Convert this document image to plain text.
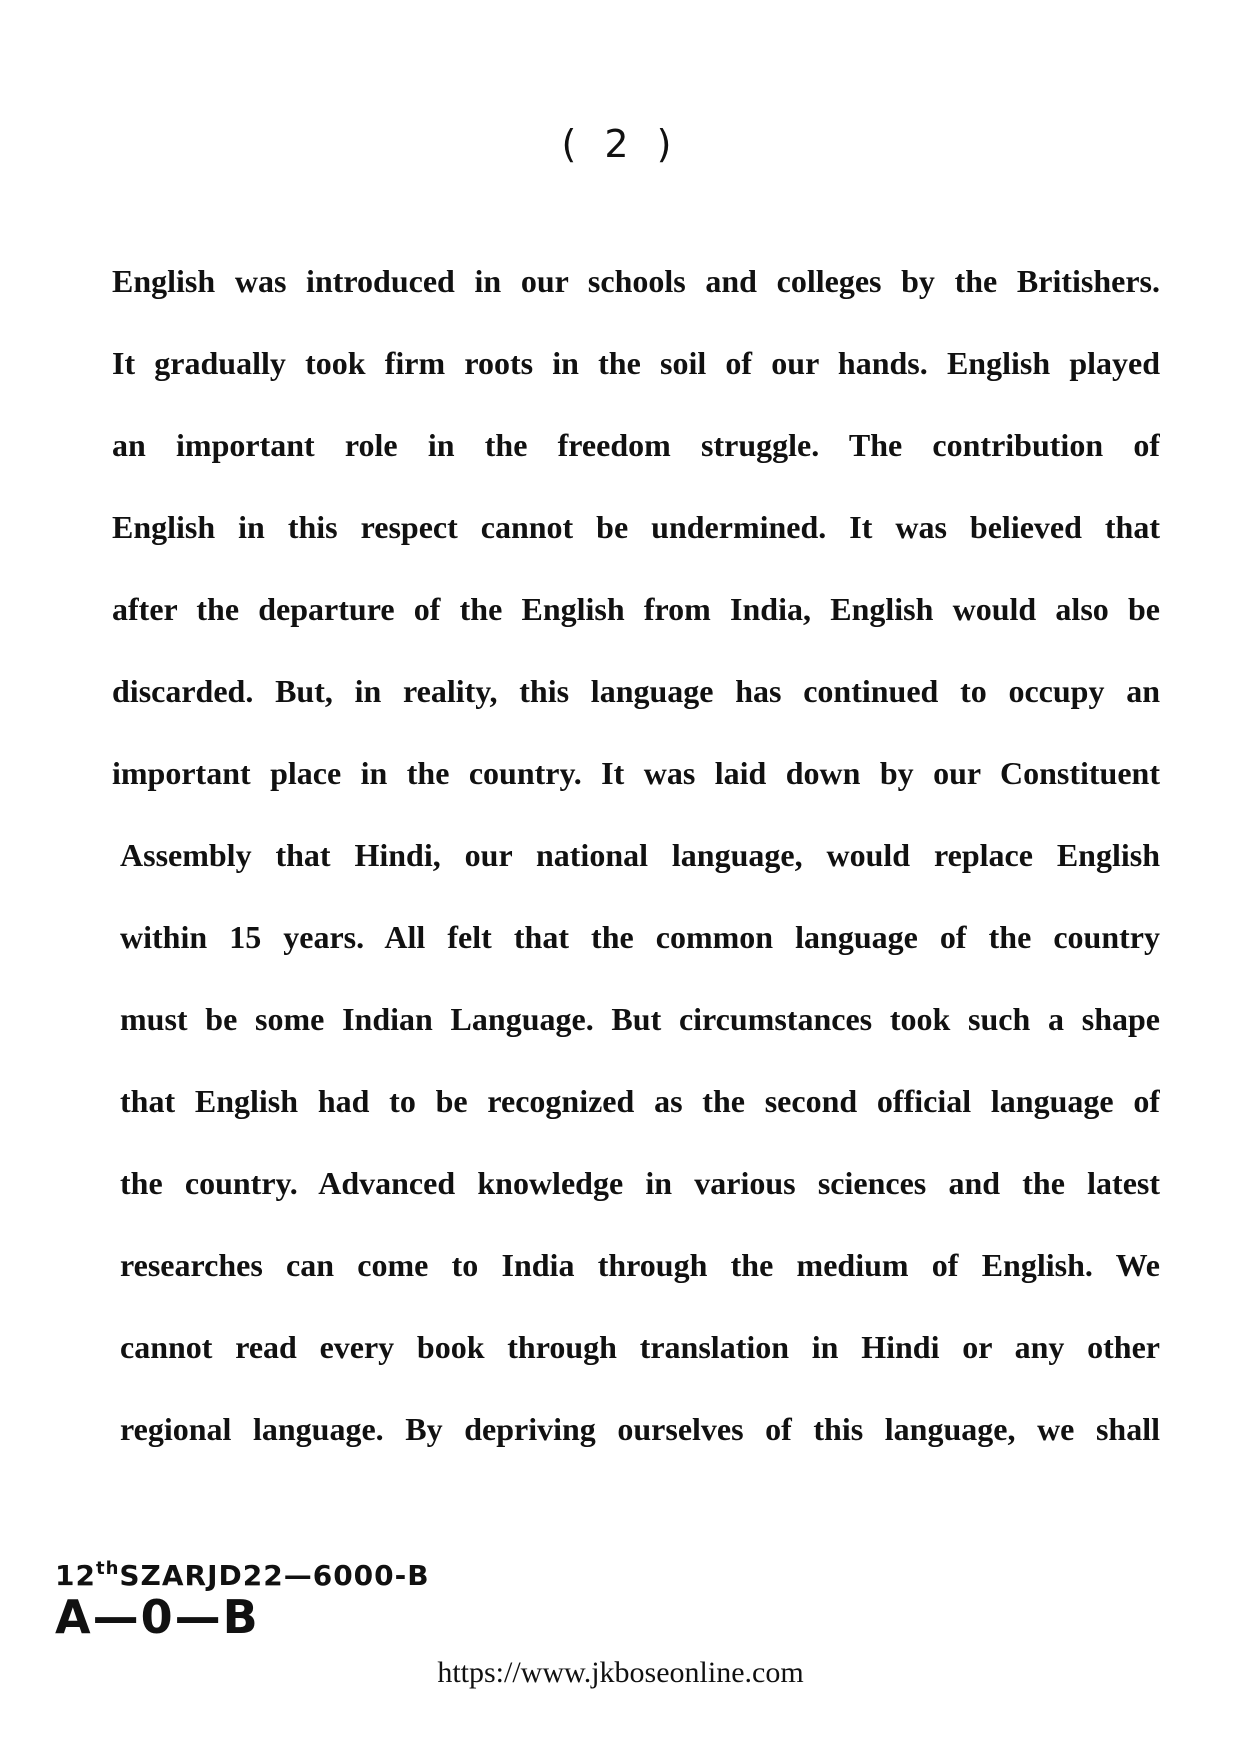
( 2 )
English was introduced in our schools and colleges by the Britishers.
It gradually took firm roots in the soil of our hands. English played
an important role in the freedom struggle. The contribution of
English in this respect cannot be undermined. It was believed that
after the departure of the English from India, English would also be
discarded. But, in reality, this language has continued to occupy an
important place in the country. It was laid down by our Constituent
Assembly that Hindi, our national language, would replace English
within 15 years. All felt that the common language of the country
must be some Indian Language. But circumstances took such a shape
that English had to be recognized as the second official language of
the country. Advanced knowledge in various sciences and the latest
researches can come to India through the medium of English. We
cannot read every book through translation in Hindi or any other
regional language. By depriving ourselves of this language, we shall
12thSZARJD22—6000-B
A—0—B
https://www.jkboseonline.com
